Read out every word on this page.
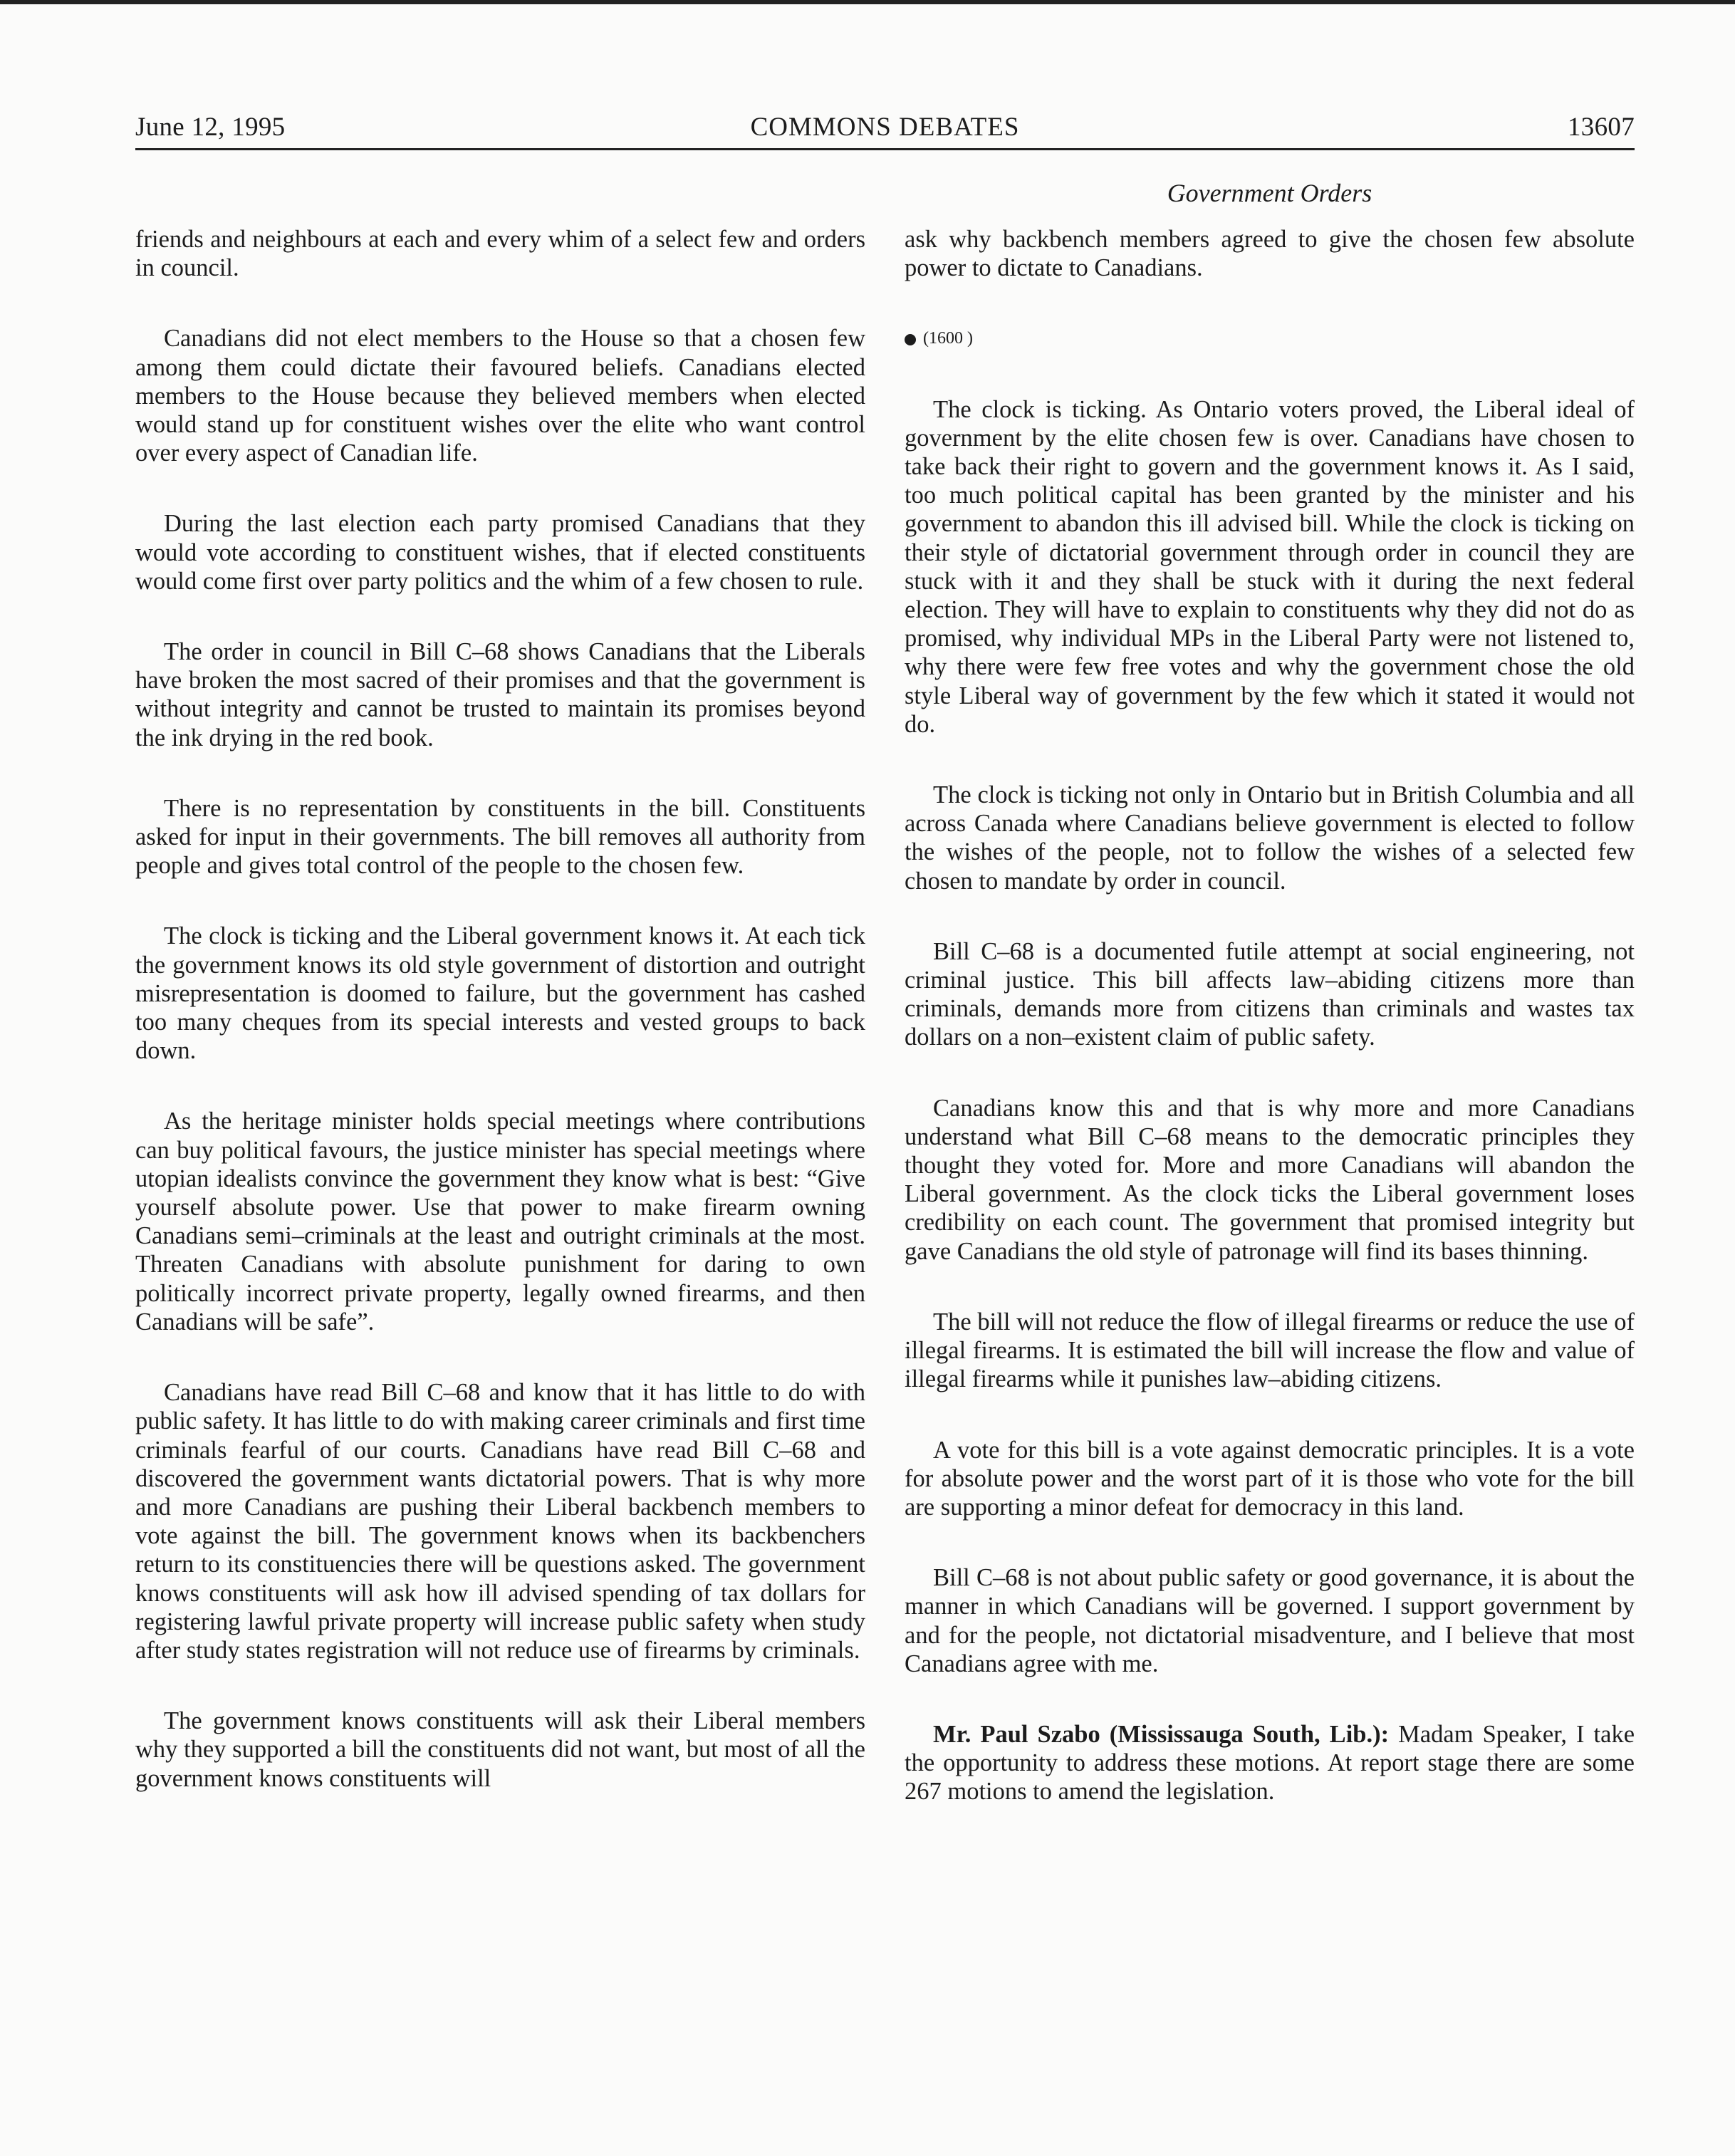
June 12, 1995	COMMONS DEBATES	13607
Government Orders

friends and neighbours at each and every whim of a select few and orders in council.

Canadians did not elect members to the House so that a chosen few among them could dictate their favoured beliefs. Canadians elected members to the House because they believed members when elected would stand up for constituent wishes over the elite who want control over every aspect of Canadian life.

During the last election each party promised Canadians that they would vote according to constituent wishes, that if elected constituents would come first over party politics and the whim of a few chosen to rule.

The order in council in Bill C–68 shows Canadians that the Liberals have broken the most sacred of their promises and that the government is without integrity and cannot be trusted to maintain its promises beyond the ink drying in the red book.

There is no representation by constituents in the bill. Constituents asked for input in their governments. The bill removes all authority from people and gives total control of the people to the chosen few.

The clock is ticking and the Liberal government knows it. At each tick the government knows its old style government of distortion and outright misrepresentation is doomed to failure, but the government has cashed too many cheques from its special interests and vested groups to back down.

As the heritage minister holds special meetings where contributions can buy political favours, the justice minister has special meetings where utopian idealists convince the government they know what is best: “Give yourself absolute power. Use that power to make firearm owning Canadians semi–criminals at the least and outright criminals at the most. Threaten Canadians with absolute punishment for daring to own politically incorrect private property, legally owned firearms, and then Canadians will be safe”.

Canadians have read Bill C–68 and know that it has little to do with public safety. It has little to do with making career criminals and first time criminals fearful of our courts. Canadians have read Bill C–68 and discovered the government wants dictatorial powers. That is why more and more Canadians are pushing their Liberal backbench members to vote against the bill. The government knows when its backbenchers return to its constituencies there will be questions asked. The government knows constituents will ask how ill advised spending of tax dollars for registering lawful private property will increase public safety when study after study states registration will not reduce use of firearms by criminals.

The government knows constituents will ask their Liberal members why they supported a bill the constituents did not want, but most of all the government knows constituents will

ask why backbench members agreed to give the chosen few absolute power to dictate to Canadians.

(1600 )

The clock is ticking. As Ontario voters proved, the Liberal ideal of government by the elite chosen few is over. Canadians have chosen to take back their right to govern and the government knows it. As I said, too much political capital has been granted by the minister and his government to abandon this ill advised bill. While the clock is ticking on their style of dictatorial government through order in council they are stuck with it and they shall be stuck with it during the next federal election. They will have to explain to constituents why they did not do as promised, why individual MPs in the Liberal Party were not listened to, why there were few free votes and why the government chose the old style Liberal way of government by the few which it stated it would not do.

The clock is ticking not only in Ontario but in British Columbia and all across Canada where Canadians believe government is elected to follow the wishes of the people, not to follow the wishes of a selected few chosen to mandate by order in council.

Bill C–68 is a documented futile attempt at social engineering, not criminal justice. This bill affects law–abiding citizens more than criminals, demands more from citizens than criminals and wastes tax dollars on a non–existent claim of public safety.

Canadians know this and that is why more and more Canadians understand what Bill C–68 means to the democratic principles they thought they voted for. More and more Canadians will abandon the Liberal government. As the clock ticks the Liberal government loses credibility on each count. The government that promised integrity but gave Canadians the old style of patronage will find its bases thinning.

The bill will not reduce the flow of illegal firearms or reduce the use of illegal firearms. It is estimated the bill will increase the flow and value of illegal firearms while it punishes law–abiding citizens.

A vote for this bill is a vote against democratic principles. It is a vote for absolute power and the worst part of it is those who vote for the bill are supporting a minor defeat for democracy in this land.

Bill C–68 is not about public safety or good governance, it is about the manner in which Canadians will be governed. I support government by and for the people, not dictatorial misadventure, and I believe that most Canadians agree with me.

Mr. Paul Szabo (Mississauga South, Lib.): Madam Speaker, I take the opportunity to address these motions. At report stage there are some 267 motions to amend the legislation.
